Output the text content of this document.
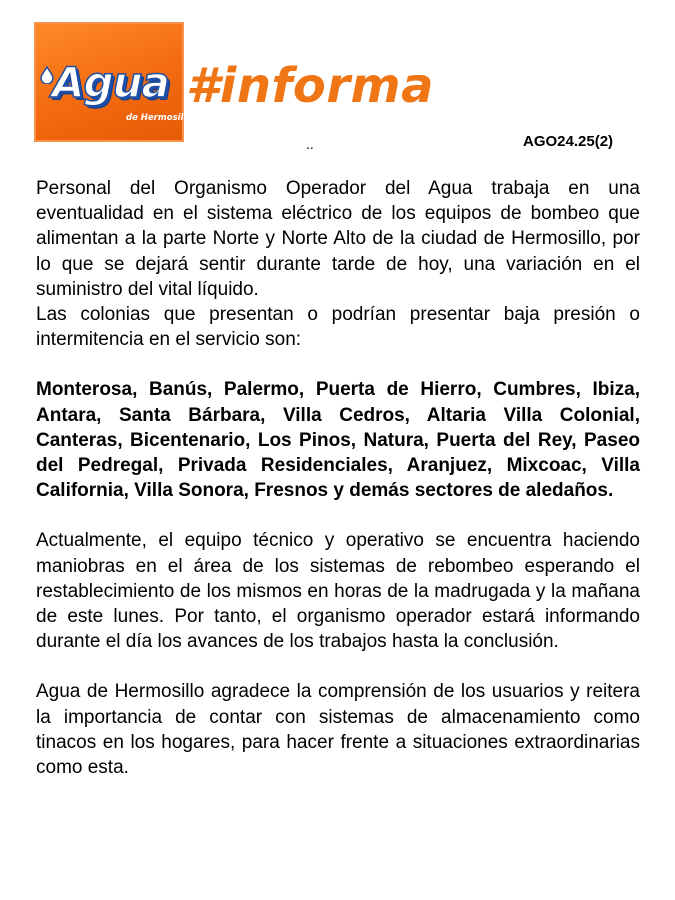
Agua
de Hermosillo
#informa
..	AGO24.25(2)

Personal del Organismo Operador del Agua trabaja en una eventualidad en el sistema eléctrico de los equipos de bombeo que alimentan a la parte Norte y Norte Alto de la ciudad de Hermosillo, por lo que se dejará sentir durante tarde de hoy, una variación en el suministro del vital líquido.

Las colonias que presentan o podrían presentar baja presión o intermitencia en el servicio son:

Monterosa, Banús, Palermo, Puerta de Hierro, Cumbres, Ibiza, Antara, Santa Bárbara, Villa Cedros, Altaria Villa Colonial, Canteras, Bicentenario, Los Pinos, Natura, Puerta del Rey, Paseo del Pedregal, Privada Residenciales, Aranjuez, Mixcoac, Villa California, Villa Sonora, Fresnos y demás sectores de aledaños.

Actualmente, el equipo técnico y operativo se encuentra haciendo maniobras en el área de los sistemas de rebombeo esperando el restablecimiento de los mismos en horas de la madrugada y la mañana de este lunes. Por tanto, el organismo operador estará informando durante el día los avances de los trabajos hasta la conclusión.

Agua de Hermosillo agradece la comprensión de los usuarios y reitera la importancia de contar con sistemas de almacenamiento como tinacos en los hogares, para hacer frente a situaciones extraordinarias como esta.
